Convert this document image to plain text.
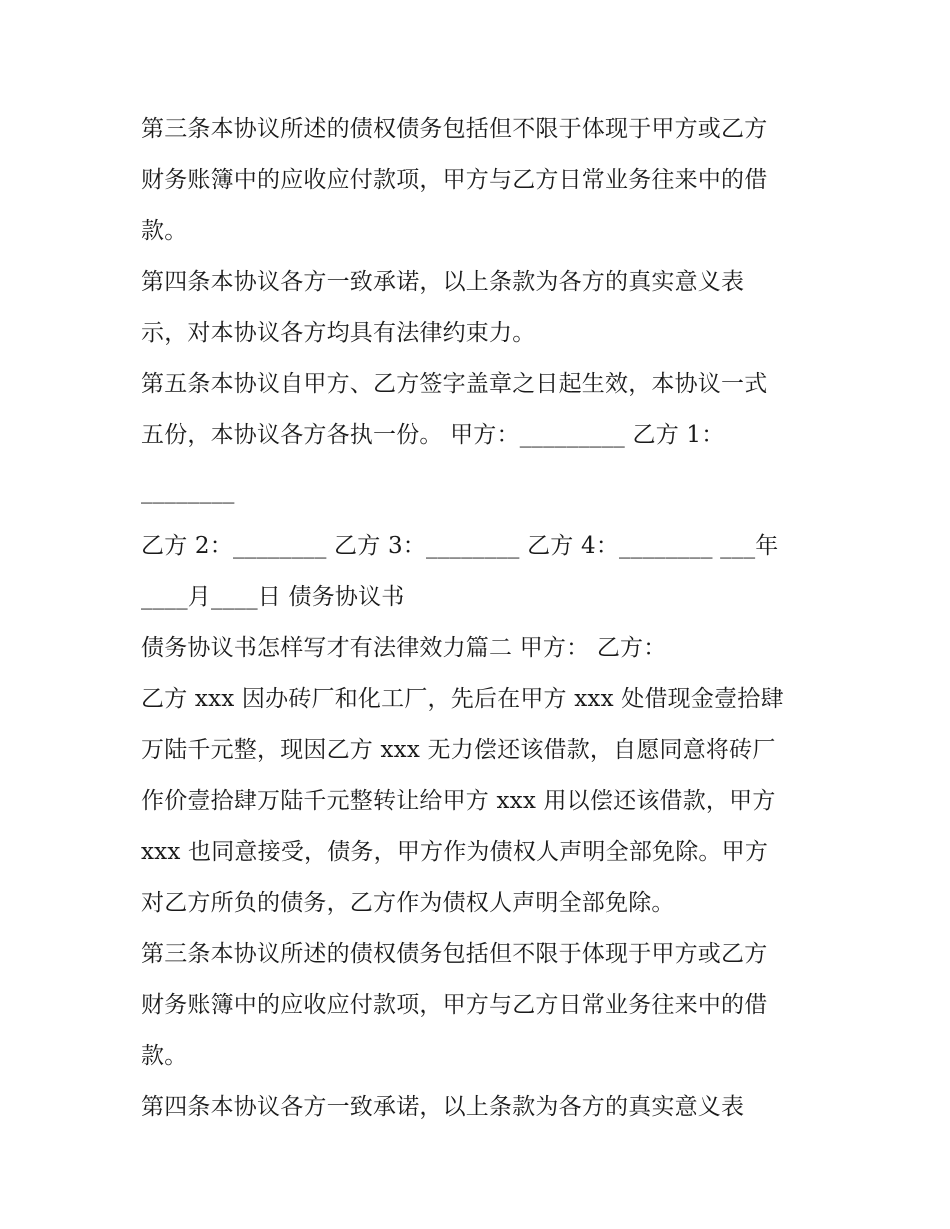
第三条本协议所述的债权债务包括但不限于体现于甲方或乙方
财务账簿中的应收应付款项，甲方与乙方日常业务往来中的借
款。
第四条本协议各方一致承诺，以上条款为各方的真实意义表
示，对本协议各方均具有法律约束力。
第五条本协议自甲方、乙方签字盖章之日起生效，本协议一式
五份，本协议各方各执一份。 甲方：_________ 乙方 1：
________
乙方 2：________ 乙方 3：________ 乙方 4：________ ___年
____月____日 债务协议书
债务协议书怎样写才有法律效力篇二 甲方： 乙方：
乙方 xxx 因办砖厂和化工厂，先后在甲方 xxx 处借现金壹拾肆
万陆千元整，现因乙方 xxx 无力偿还该借款，自愿同意将砖厂
作价壹拾肆万陆千元整转让给甲方 xxx 用以偿还该借款，甲方
xxx 也同意接受，债务，甲方作为债权人声明全部免除。甲方
对乙方所负的债务，乙方作为债权人声明全部免除。
第三条本协议所述的债权债务包括但不限于体现于甲方或乙方
财务账簿中的应收应付款项，甲方与乙方日常业务往来中的借
款。
第四条本协议各方一致承诺，以上条款为各方的真实意义表
